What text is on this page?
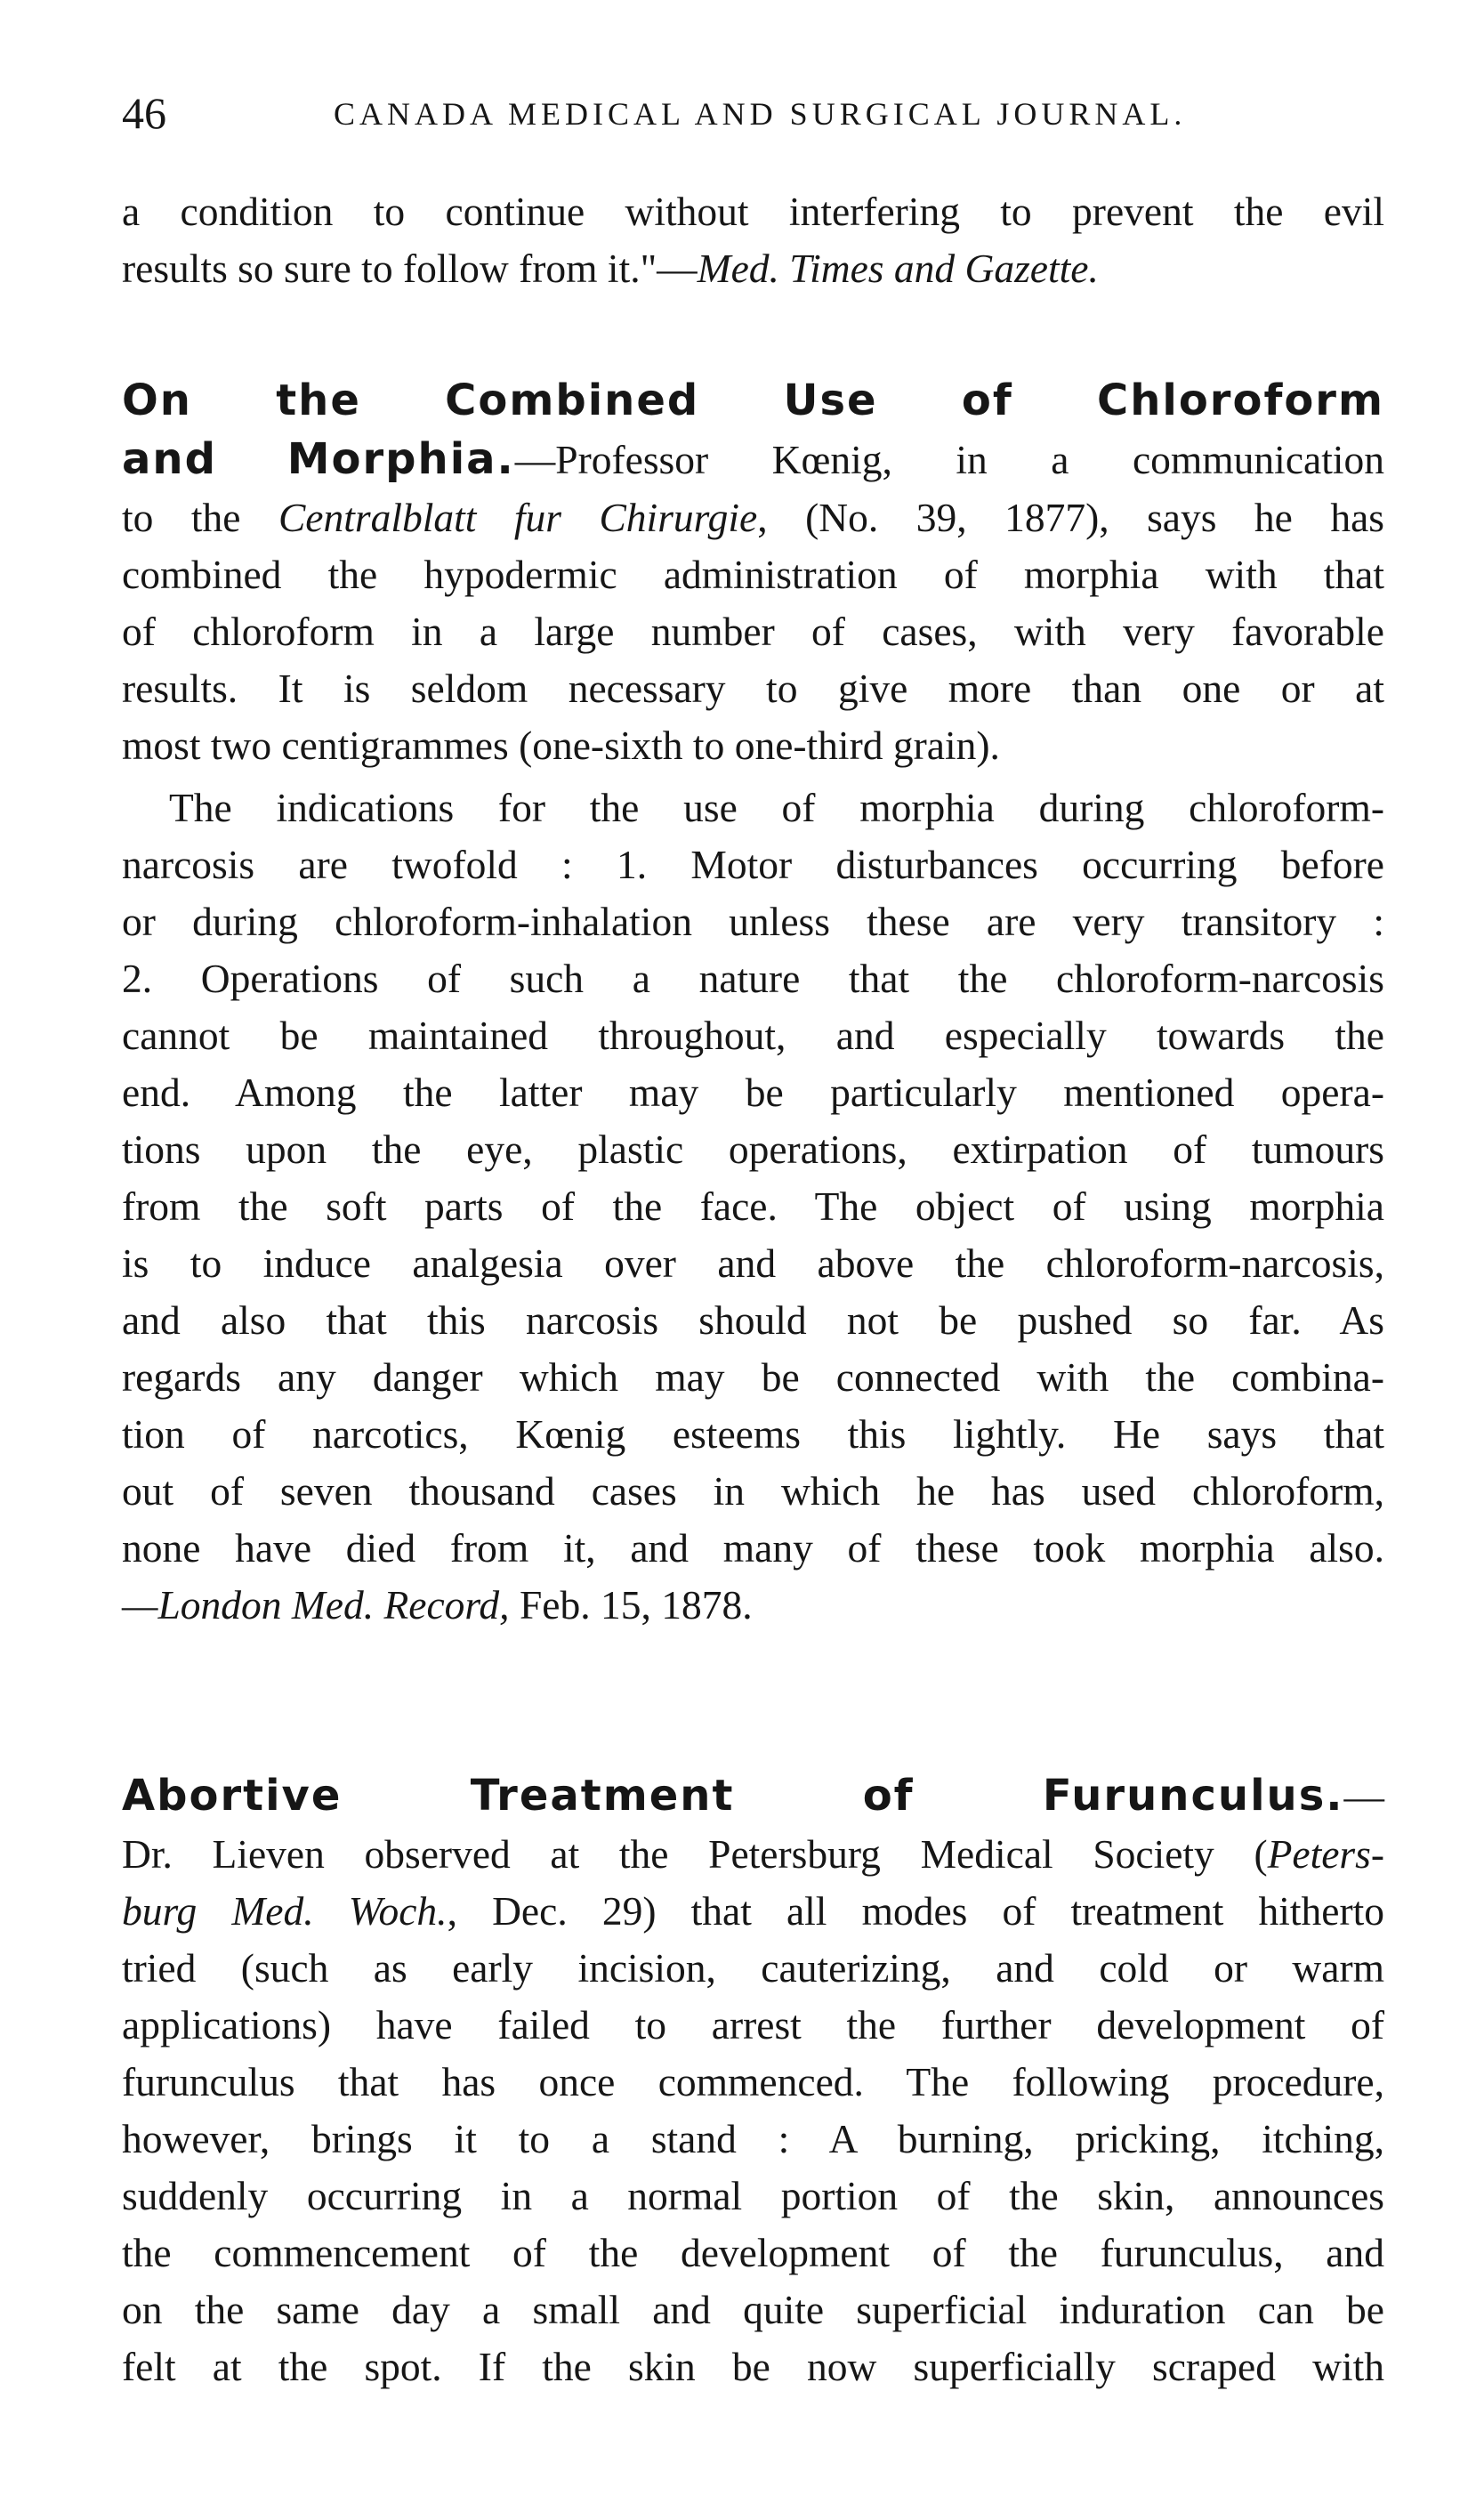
46	CANADA MEDICAL AND SURGICAL JOURNAL.
a condition to continue without interfering to prevent the evil
results so sure to follow from it."—Med. Times and Gazette.
On the Combined Use of Chloroform
and Morphia.—Professor Kœnig, in a communication
to the Centralblatt fur Chirurgie, (No. 39, 1877), says he has
combined the hypodermic administration of morphia with that
of chloroform in a large number of cases, with very favorable
results. It is seldom necessary to give more than one or at
most two centigrammes (one-sixth to one-third grain).
The indications for the use of morphia during chloroform-
narcosis are twofold : 1. Motor disturbances occurring before
or during chloroform-inhalation unless these are very transitory :
2. Operations of such a nature that the chloroform-narcosis
cannot be maintained throughout, and especially towards the
end. Among the latter may be particularly mentioned opera-
tions upon the eye, plastic operations, extirpation of tumours
from the soft parts of the face. The object of using morphia
is to induce analgesia over and above the chloroform-narcosis,
and also that this narcosis should not be pushed so far. As
regards any danger which may be connected with the combina-
tion of narcotics, Kœnig esteems this lightly. He says that
out of seven thousand cases in which he has used chloroform,
none have died from it, and many of these took morphia also.
—London Med. Record, Feb. 15, 1878.
Abortive Treatment of Furunculus.—
Dr. Lieven observed at the Petersburg Medical Society (Peters-
burg Med. Woch., Dec. 29) that all modes of treatment hitherto
tried (such as early incision, cauterizing, and cold or warm
applications) have failed to arrest the further development of
furunculus that has once commenced. The following procedure,
however, brings it to a stand : A burning, pricking, itching,
suddenly occurring in a normal portion of the skin, announces
the commencement of the development of the furunculus, and
on the same day a small and quite superficial induration can be
felt at the spot. If the skin be now superficially scraped with
